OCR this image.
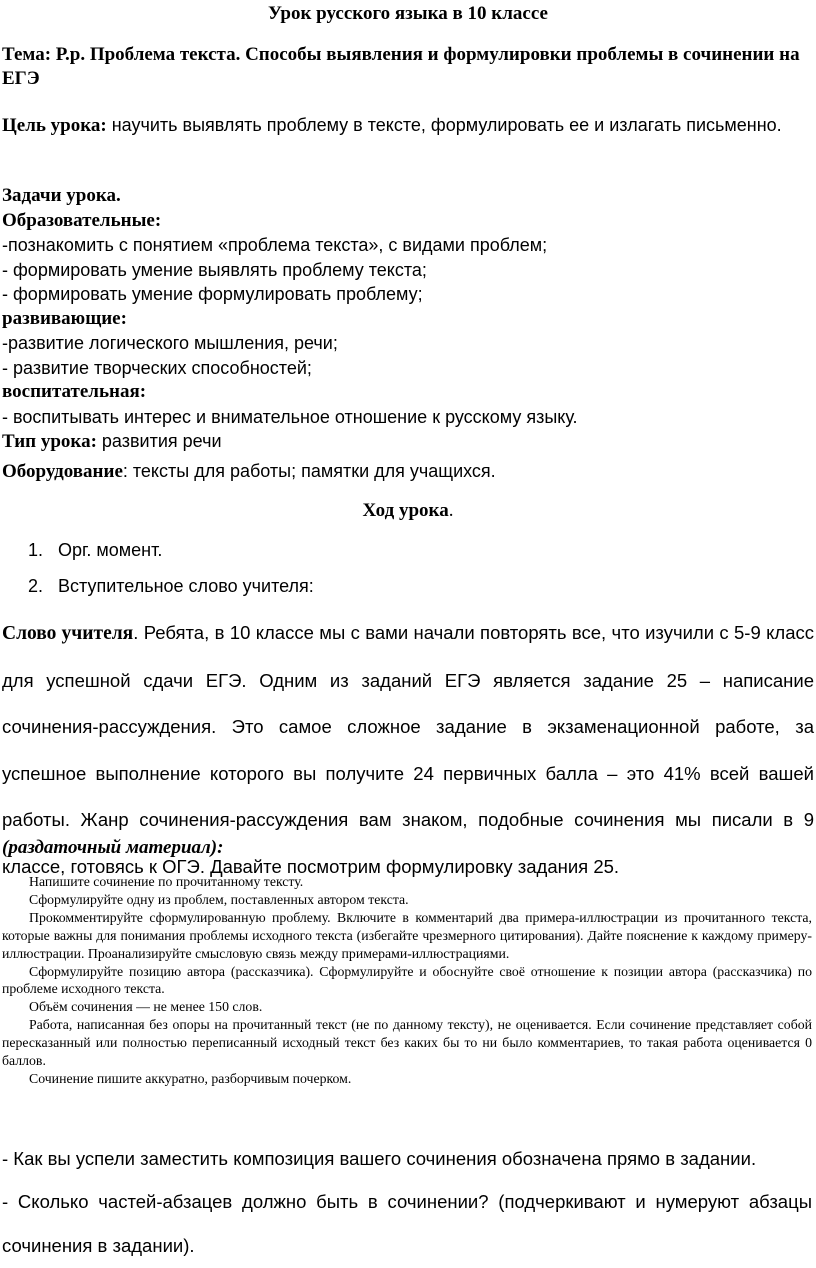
Урок русского языка в 10 классе
Тема: Р.р. Проблема текста. Способы выявления и формулировки проблемы в сочинении на ЕГЭ
Цель урока: научить выявлять проблему в тексте, формулировать ее и излагать письменно.
Задачи урока.
Образовательные:
-познакомить с понятием «проблема текста», с видами проблем;
- формировать умение выявлять проблему текста;
- формировать умение формулировать проблему;
развивающие:
-развитие логического мышления, речи;
- развитие творческих способностей;
воспитательная:
- воспитывать интерес и внимательное отношение к русскому языку.
Тип урока: развития речи
Оборудование: тексты для работы; памятки для учащихся.
Ход урока.
1. Орг. момент.
2. Вступительное слово учителя:
Слово учителя. Ребята, в 10 классе мы с вами начали повторять все, что изучили с 5-9 класс для успешной сдачи ЕГЭ. Одним из заданий ЕГЭ является задание 25 – написание сочинения-рассуждения. Это самое сложное задание в экзаменационной работе, за успешное выполнение которого вы получите 24 первичных балла – это 41% всей вашей работы. Жанр сочинения-рассуждения вам знаком, подобные сочинения мы писали в 9 классе, готовясь к ОГЭ. Давайте посмотрим формулировку задания 25.
(раздаточный материал):

Напишите сочинение по прочитанному тексту.

Сформулируйте одну из проблем, поставленных автором текста.

Прокомментируйте сформулированную проблему. Включите в комментарий два примера-иллюстрации из прочитанного текста, которые важны для понимания проблемы исходного текста (избегайте чрезмерного цитирования). Дайте пояснение к каждому примеру-иллюстрации. Проанализируйте смысловую связь между примерами-иллюстрациями.

Сформулируйте позицию автора (рассказчика). Сформулируйте и обоснуйте своё отношение к позиции автора (рассказчика) по проблеме исходного текста.

Объём сочинения — не менее 150 слов.

Работа, написанная без опоры на прочитанный текст (не по данному тексту), не оценивается. Если сочинение представляет собой пересказанный или полностью переписанный исходный текст без каких бы то ни было комментариев, то такая работа оценивается 0 баллов.

Сочинение пишите аккуратно, разборчивым почерком.

- Как вы успели заместить композиция вашего сочинения обозначена прямо в задании.
- Сколько частей-абзацев должно быть в сочинении? (подчеркивают и нумеруют абзацы сочинения в задании).
